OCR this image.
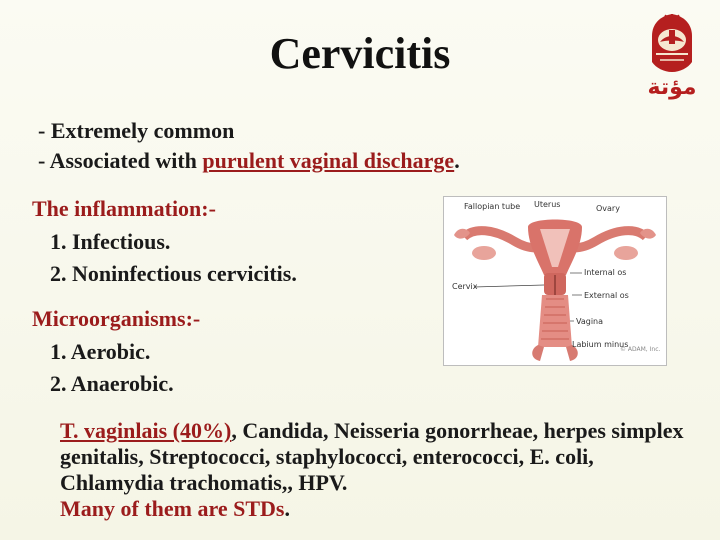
Cervicitis
مؤتة
- Extremely common
- Associated with purulent vaginal discharge.
The inflammation:-
1. Infectious.
2. Noninfectious cervicitis.
Microorganisms:-
1. Aerobic.
2. Anaerobic.
Fallopian tube Uterus	Ovary
Internal os
Cervix
External os
Vagina
Labium minus
© ADAM, Inc.
T. vaginlais (40%), Candida, Neisseria gonorrheae, herpes simplex genitalis, Streptococci, staphylococci, enterococci, E. coli, Chlamydia trachomatis,, HPV.
Many of them are STDs.
